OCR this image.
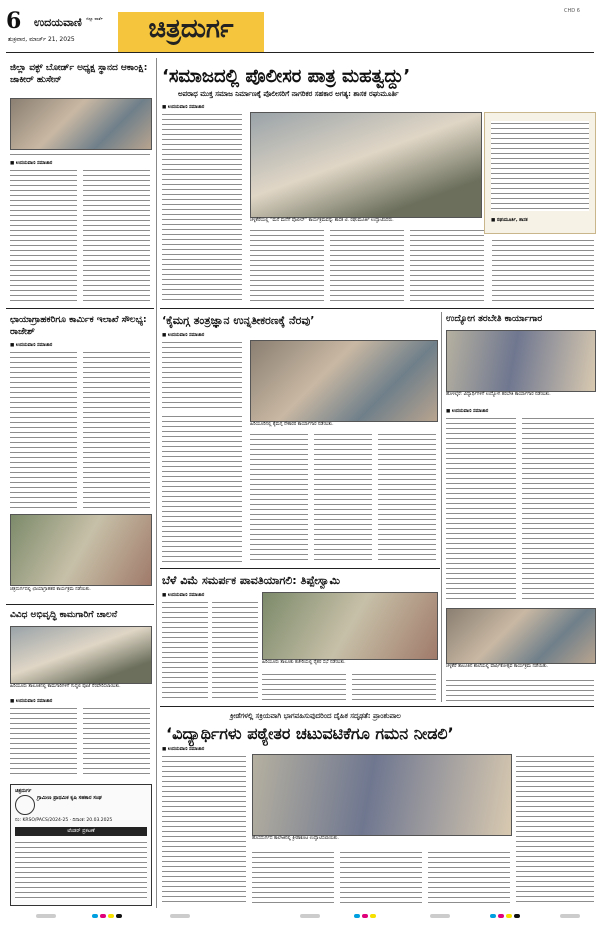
6 ಉದಯವಾಣಿ ಜಿಲ್ಲಾ ವಾರ್ತೆ
ಶುಕ್ರವಾರ, ಮಾರ್ಚ್ 21, 2025	ಚಿತ್ರದುರ್ಗ
CHD 6
ಜಿಲ್ಲಾ ವಕ್ಫ್ ಬೋರ್ಡ್ ಅಧ್ಯಕ್ಷ ಸ್ಥಾನದ ಆಕಾಂಕ್ಷಿ: ಜಾಕೀರ್ ಹುಸೇನ್
■ ಉದಯವಾಣಿ ಸಮಾಚಾರ
‘ಸಮಾಜದಲ್ಲಿ ಪೊಲೀಸರ ಪಾತ್ರ ಮಹತ್ವದ್ದು’
ಅಪರಾಧ ಮುಕ್ತ ಸಮಾಜ ನಿರ್ಮಾಣಕ್ಕೆ ಪೊಲೀಸರಿಗೆ ನಾಗರಿಕರ ಸಹಕಾರ ಅಗತ್ಯ: ಶಾಸಕ ರಘುಮೂರ್ತಿ
■ ಉದಯವಾಣಿ ಸಮಾಚಾರ
ಚಳ್ಳಕೆರೆಯಲ್ಲಿ “ಮನೆ ಮನೆಗೆ ಪೊಲೀಸ್” ಕಾರ್ಯಕ್ರಮವನ್ನು ಶಾಸಕ ಟಿ. ರಘುಮೂರ್ತಿ ಉದ್ಘಾಟಿಸಿದರು.	■ ರಘುಮೂರ್ತಿ, ಶಾಸಕ
ಛಾಯಾಗ್ರಾಹಕರಿಗೂ ಕಾರ್ಮಿಕ ಇಲಾಖೆ ಸೌಲಭ್ಯ: ರಾಜೇಶ್
■ ಉದಯವಾಣಿ ಸಮಾಚಾರ
ಚಿತ್ರದುರ್ಗದಲ್ಲಿ ಛಾಯಾಗ್ರಾಹಕರ ಕಾರ್ಯಕ್ರಮ ನಡೆಯಿತು.
‘ಕೈಮಗ್ಗ ತಂತ್ರಜ್ಞಾನ ಉನ್ನತೀಕರಣಕ್ಕೆ ನೆರವು’
■ ಉದಯವಾಣಿ ಸಮಾಚಾರ
ಹಿರಿಯೂರಿನಲ್ಲಿ ಕೈಮಗ್ಗ ನೇಕಾರರ ಕಾರ್ಯಾಗಾರ ನಡೆಯಿತು.
ಉದ್ಯೋಗ ತರಬೇತಿ ಕಾರ್ಯಾಗಾರ
ಹೊಳಲ್ಕೆರೆ: ವಿದ್ಯಾರ್ಥಿಗಳಿಗೆ ಉದ್ಯೋಗ ತರಬೇತಿ ಕಾರ್ಯಾಗಾರ ನಡೆಯಿತು.
■ ಉದಯವಾಣಿ ಸಮಾಚಾರ
ವಿವಿಧ ಅಭಿವೃದ್ಧಿ ಕಾಮಗಾರಿಗೆ ಚಾಲನೆ
ಹಿರಿಯೂರು ತಾಲೂಕಿನಲ್ಲಿ ಕಾಮಗಾರಿಗಳಿಗೆ ಗುದ್ದಲಿ ಪೂಜೆ ನೆರವೇರಿಸಲಾಯಿತು.
■ ಉದಯವಾಣಿ ಸಮಾಚಾರ
ಚಿತ್ರದುರ್ಗ
ಗ್ರಾಮೀಣ ಪ್ರಾಥಮಿಕ ಕೃಷಿ ಸಹಕಾರ ಸಂಘ
ನಂ: KRSO/PACS/2024-25 · ದಿನಾಂಕ: 20.03.2025
ಟೆಂಡರ್ ಪ್ರಕಟಣೆ
ಬೆಳೆ ವಿಮೆ ಸಮರ್ಪಕ ಪಾವತಿಯಾಗಲಿ: ತಿಪ್ಪೇಸ್ವಾಮಿ
■ ಉದಯವಾಣಿ ಸಮಾಚಾರ
ಹಿರಿಯೂರು ತಾಲೂಕು ಕಚೇರಿಯಲ್ಲಿ ರೈತರ ಸಭೆ ನಡೆಯಿತು.
ಚಳ್ಳಕೆರೆ ತಾಲೂಕಿನ ಶಾಲೆಯಲ್ಲಿ ವಾರ್ಷಿಕೋತ್ಸವ ಕಾರ್ಯಕ್ರಮ ನಡೆಯಿತು.
ಕ್ರೀಡೆಗಳಲ್ಲಿ ಸಕ್ರಿಯವಾಗಿ ಭಾಗವಹಿಸುವುದರಿಂದ ದೈಹಿಕ ಸದೃಢತೆ: ಪ್ರಾಂಶುಪಾಲ
‘ವಿದ್ಯಾರ್ಥಿಗಳು ಪಠ್ಯೇತರ ಚಟುವಟಿಕೆಗೂ ಗಮನ ನೀಡಲಿ’
■ ಉದಯವಾಣಿ ಸಮಾಚಾರ
ಹೊಸದುರ್ಗದ ಕಾಲೇಜಿನಲ್ಲಿ ಕ್ರೀಡಾಕೂಟ ಉದ್ಘಾಟಿಸಲಾಯಿತು.
